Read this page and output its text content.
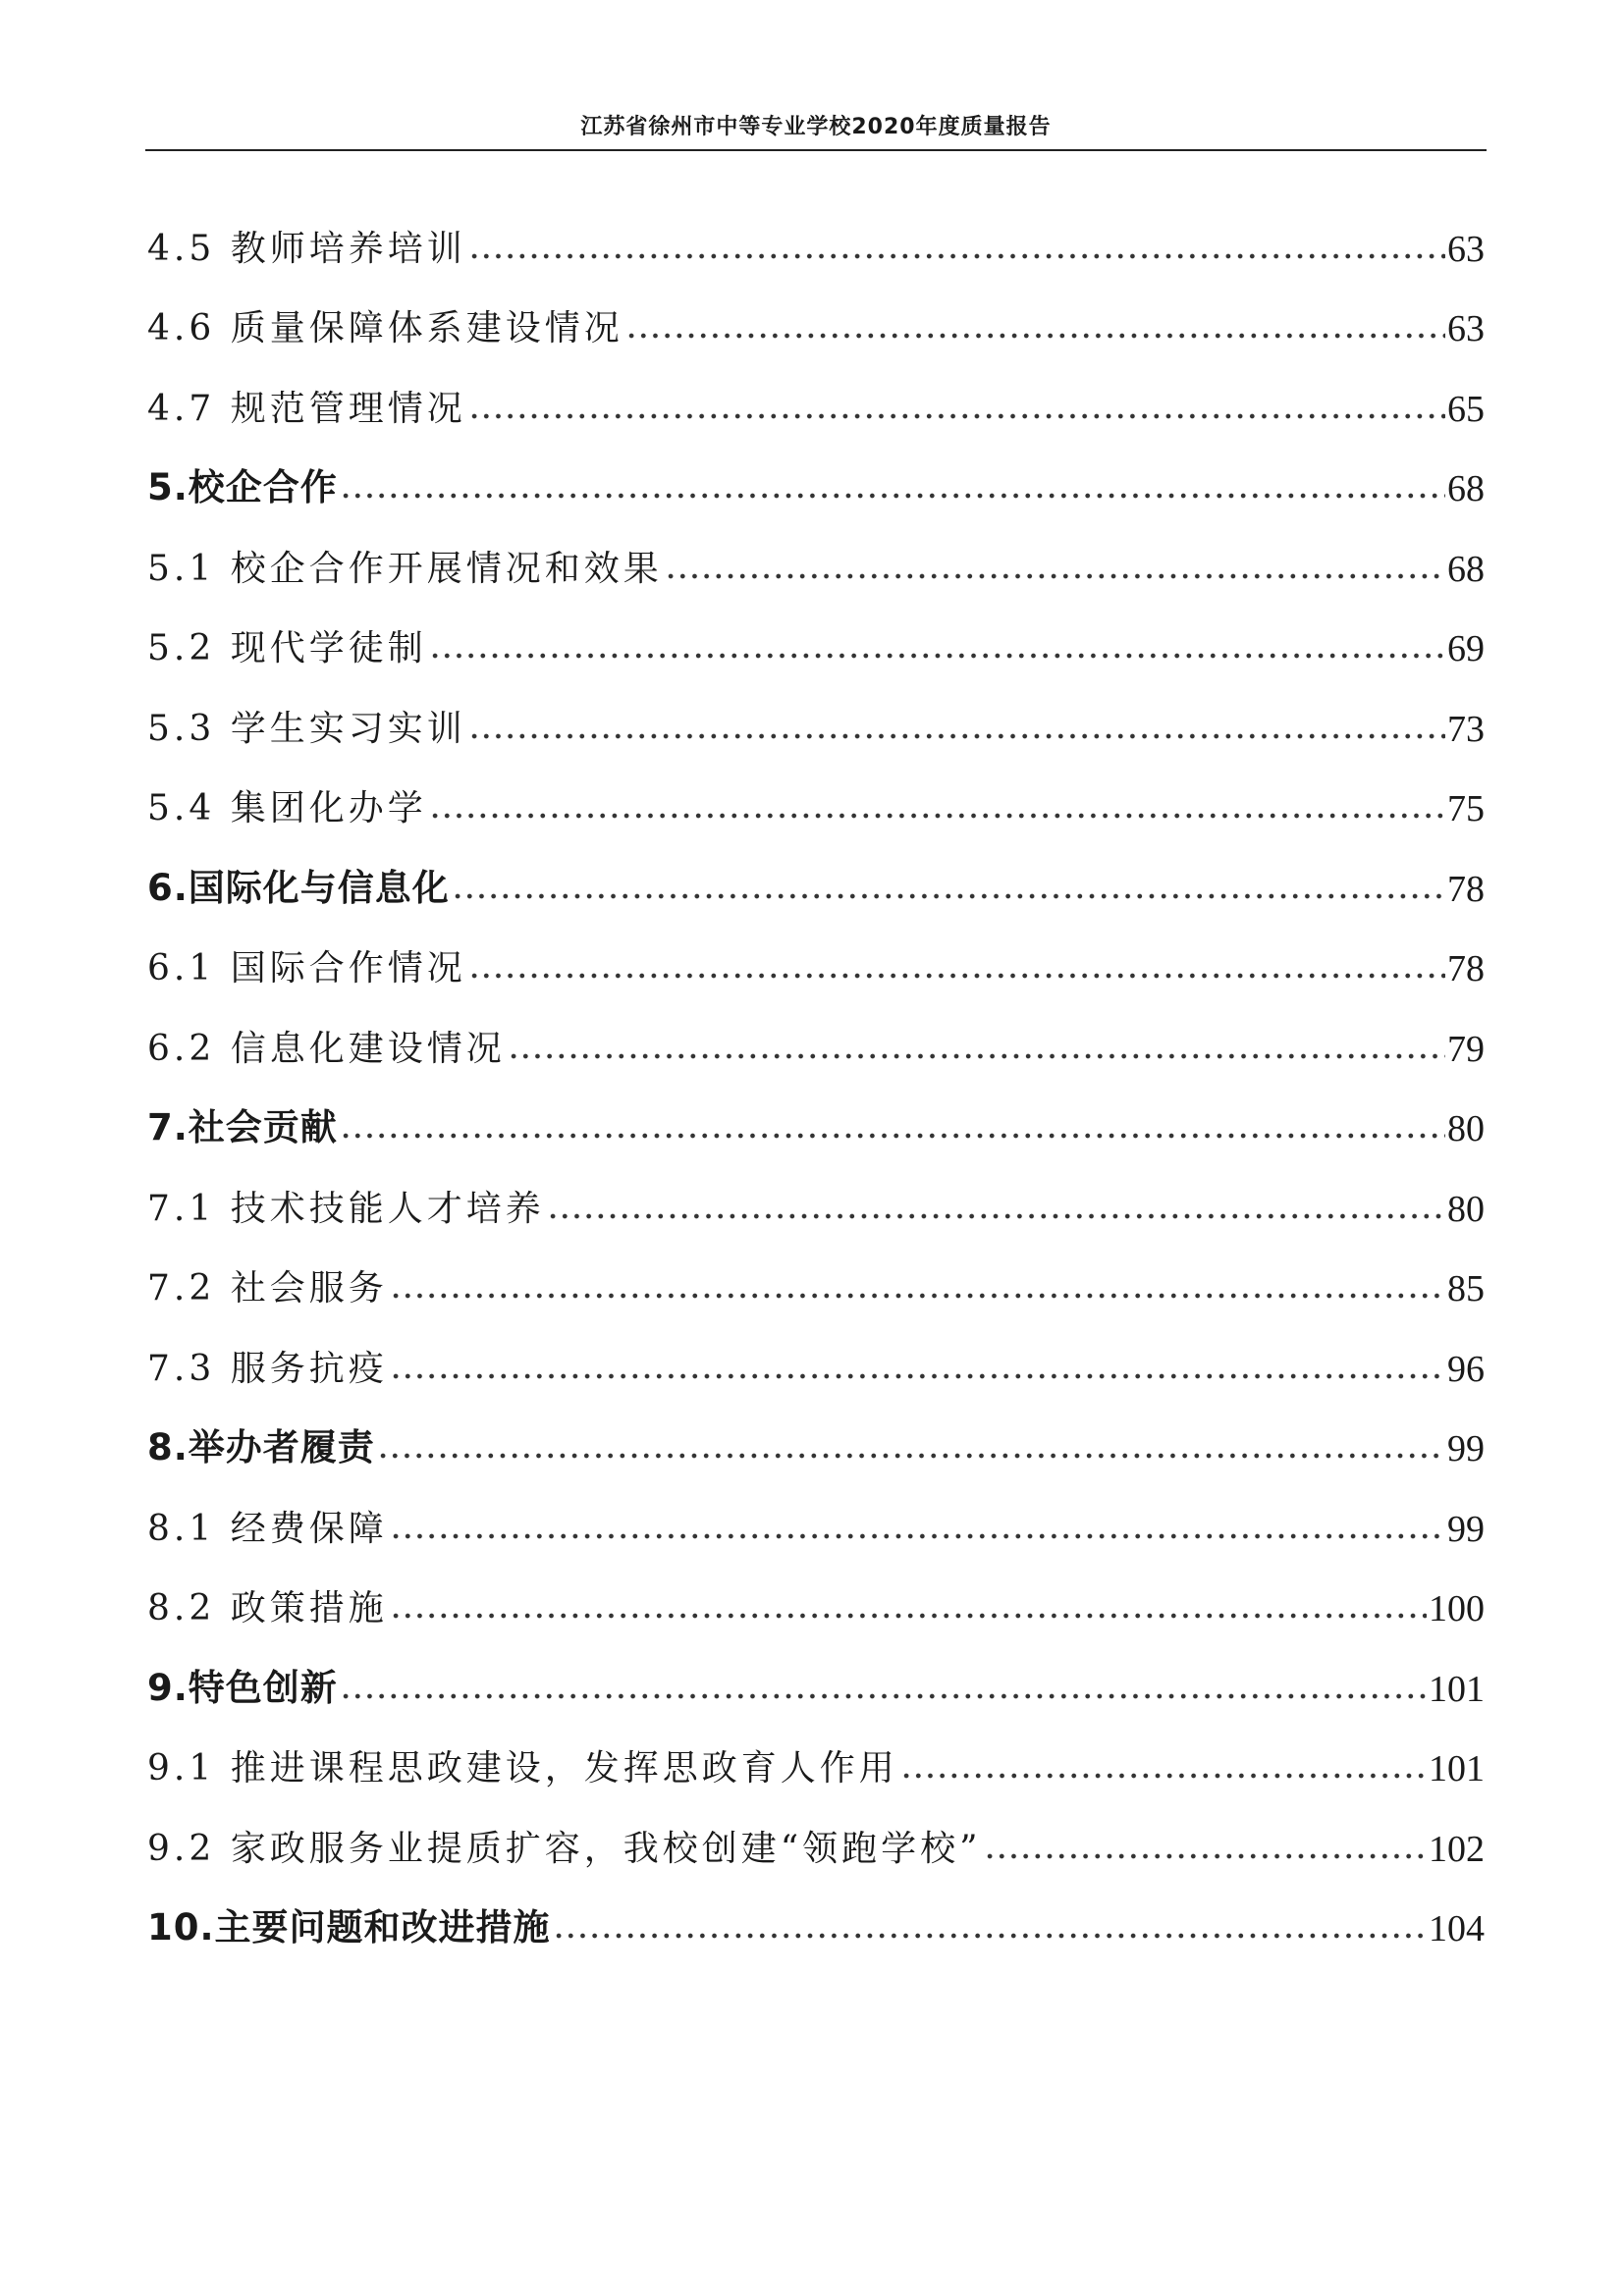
江苏省徐州市中等专业学校2020年度质量报告
4.5 教师培养培训	63
4.6 质量保障体系建设情况	63
4.7 规范管理情况	65
5.校企合作	68
5.1 校企合作开展情况和效果	68
5.2 现代学徒制	69
5.3 学生实习实训	73
5.4 集团化办学	75
6.国际化与信息化	78
6.1 国际合作情况	78
6.2 信息化建设情况	79
7.社会贡献	80
7.1 技术技能人才培养	80
7.2 社会服务	85
7.3 服务抗疫	96
8.举办者履责	99
8.1 经费保障	99
8.2 政策措施	100
9.特色创新	101
9.1 推进课程思政建设，发挥思政育人作用	101
9.2 家政服务业提质扩容，我校创建“领跑学校”	102
10.主要问题和改进措施	104
